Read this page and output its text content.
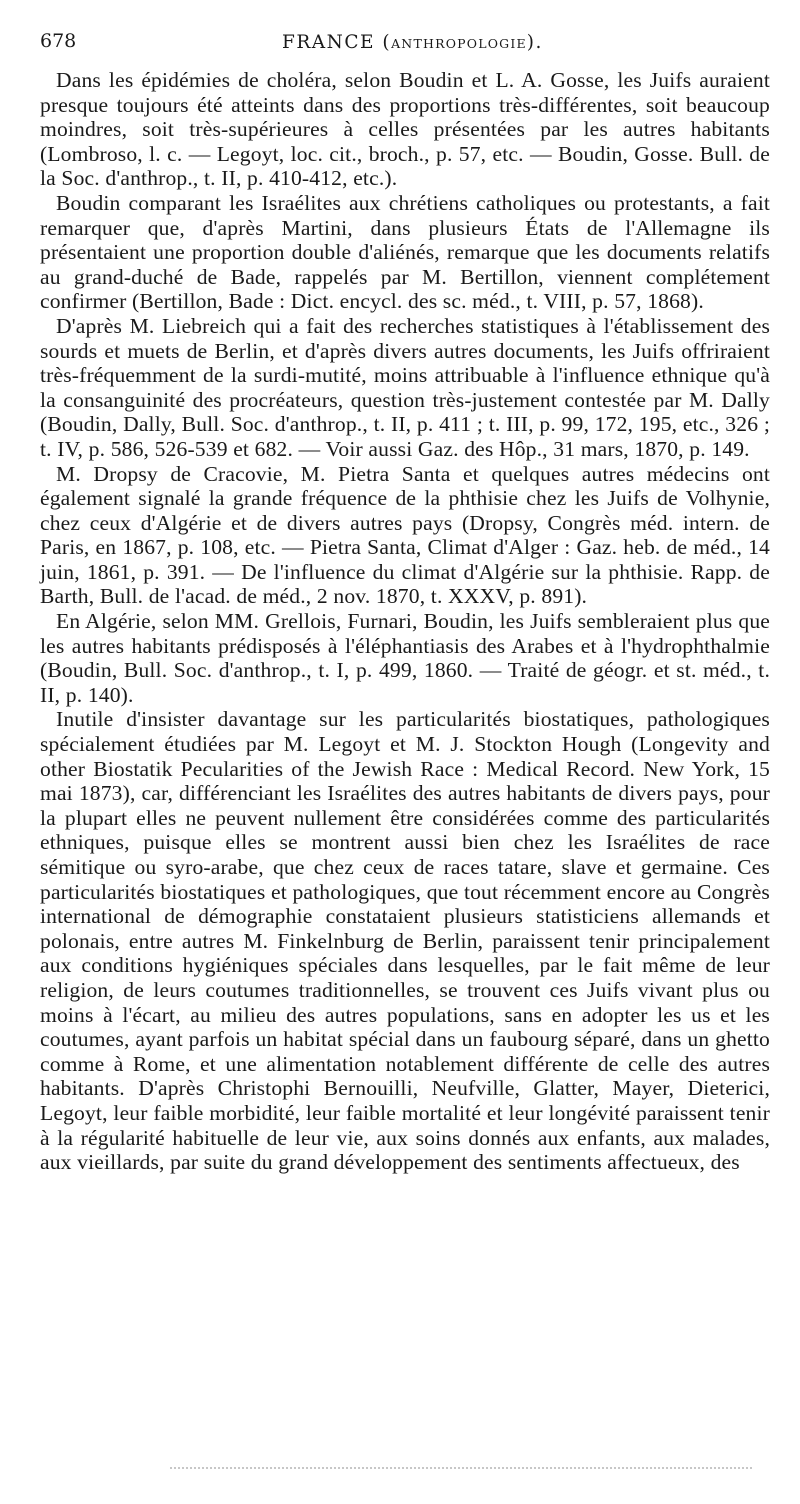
678	FRANCE (ANTHROPOLOGIE).

Dans les épidémies de choléra, selon Boudin et L. A. Gosse, les Juifs auraient presque toujours été atteints dans des proportions très-différentes, soit beaucoup moindres, soit très-supérieures à celles présentées par les autres habitants (Lombroso, l. c. — Legoyt, loc. cit., broch., p. 57, etc. — Boudin, Gosse. Bull. de la Soc. d'anthrop., t. II, p. 410-412, etc.).

Boudin comparant les Israélites aux chrétiens catholiques ou protestants, a fait remarquer que, d'après Martini, dans plusieurs États de l'Allemagne ils présentaient une proportion double d'aliénés, remarque que les documents relatifs au grand-duché de Bade, rappelés par M. Bertillon, viennent complétement confirmer (Bertillon, Bade : Dict. encycl. des sc. méd., t. VIII, p. 57, 1868).

D'après M. Liebreich qui a fait des recherches statistiques à l'établissement des sourds et muets de Berlin, et d'après divers autres documents, les Juifs offriraient très-fréquemment de la surdi-mutité, moins attribuable à l'influence ethnique qu'à la consanguinité des procréateurs, question très-justement contestée par M. Dally (Boudin, Dally, Bull. Soc. d'anthrop., t. II, p. 411 ; t. III, p. 99, 172, 195, etc., 326 ; t. IV, p. 586, 526-539 et 682. — Voir aussi Gaz. des Hôp., 31 mars, 1870, p. 149.

M. Dropsy de Cracovie, M. Pietra Santa et quelques autres médecins ont également signalé la grande fréquence de la phthisie chez les Juifs de Volhynie, chez ceux d'Algérie et de divers autres pays (Dropsy, Congrès méd. intern. de Paris, en 1867, p. 108, etc. — Pietra Santa, Climat d'Alger : Gaz. heb. de méd., 14 juin, 1861, p. 391. — De l'influence du climat d'Algérie sur la phthisie. Rapp. de Barth, Bull. de l'acad. de méd., 2 nov. 1870, t. XXXV, p. 891).

En Algérie, selon MM. Grellois, Furnari, Boudin, les Juifs sembleraient plus que les autres habitants prédisposés à l'éléphantiasis des Arabes et à l'hydrophthalmie (Boudin, Bull. Soc. d'anthrop., t. I, p. 499, 1860. — Traité de géogr. et st. méd., t. II, p. 140).

Inutile d'insister davantage sur les particularités biostatiques, pathologiques spécialement étudiées par M. Legoyt et M. J. Stockton Hough (Longevity and other Biostatik Pecularities of the Jewish Race : Medical Record. New York, 15 mai 1873), car, différenciant les Israélites des autres habitants de divers pays, pour la plupart elles ne peuvent nullement être considérées comme des particularités ethniques, puisque elles se montrent aussi bien chez les Israélites de race sémitique ou syro-arabe, que chez ceux de races tatare, slave et germaine. Ces particularités biostatiques et pathologiques, que tout récemment encore au Congrès international de démographie constataient plusieurs statisticiens allemands et polonais, entre autres M. Finkelnburg de Berlin, paraissent tenir principalement aux conditions hygiéniques spéciales dans lesquelles, par le fait même de leur religion, de leurs coutumes traditionnelles, se trouvent ces Juifs vivant plus ou moins à l'écart, au milieu des autres populations, sans en adopter les us et les coutumes, ayant parfois un habitat spécial dans un faubourg séparé, dans un ghetto comme à Rome, et une alimentation notablement différente de celle des autres habitants. D'après Christophi Bernouilli, Neufville, Glatter, Mayer, Dieterici, Legoyt, leur faible morbidité, leur faible mortalité et leur longévité paraissent tenir à la régularité habituelle de leur vie, aux soins donnés aux enfants, aux malades, aux vieillards, par suite du grand développement des sentiments affectueux, des
